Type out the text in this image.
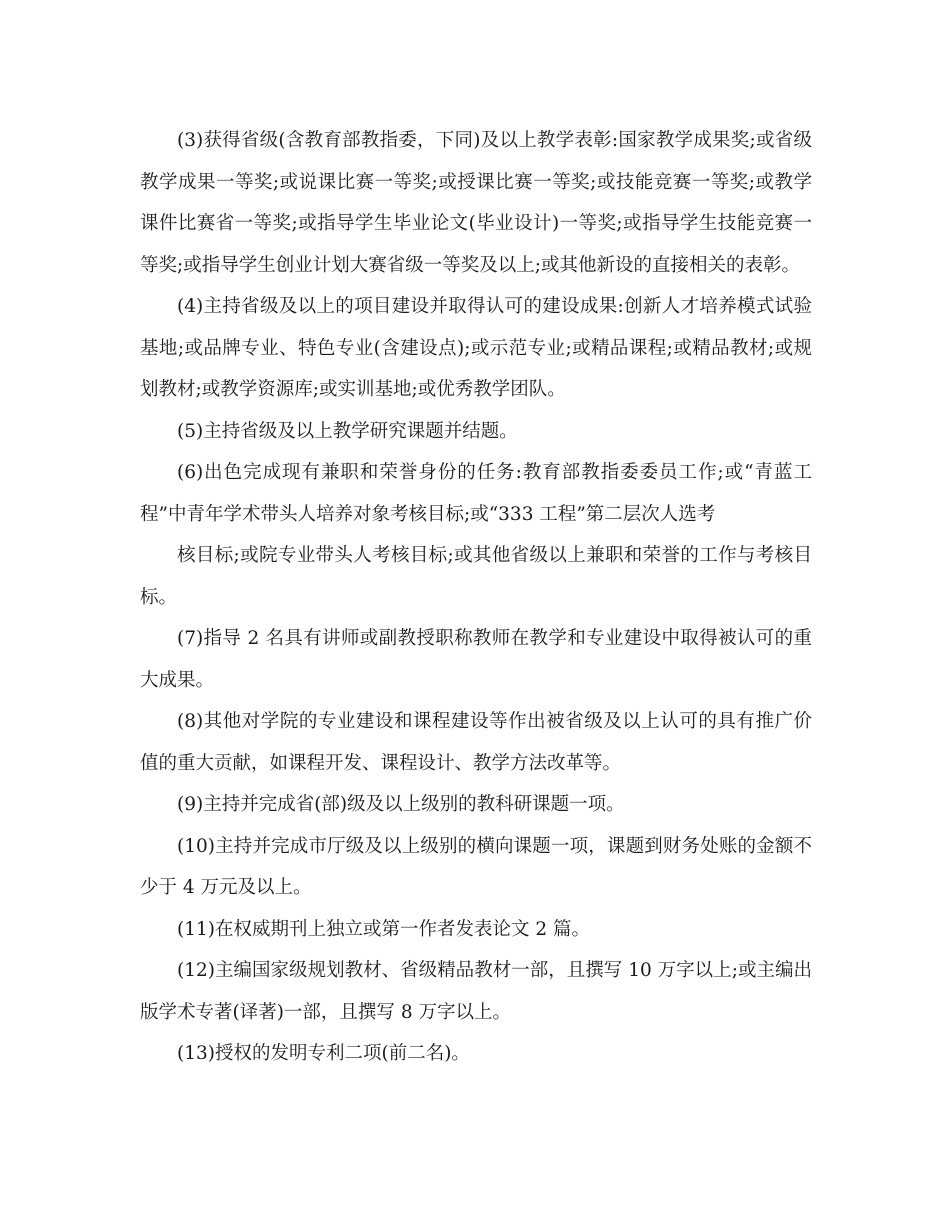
(3)获得省级(含教育部教指委，下同)及以上教学表彰:国家教学成果奖;或省级教学成果一等奖;或说课比赛一等奖;或授课比赛一等奖;或技能竞赛一等奖;或教学课件比赛省一等奖;或指导学生毕业论文(毕业设计)一等奖;或指导学生技能竞赛一等奖;或指导学生创业计划大赛省级一等奖及以上;或其他新设的直接相关的表彰。

(4)主持省级及以上的项目建设并取得认可的建设成果:创新人才培养模式试验基地;或品牌专业、特色专业(含建设点);或示范专业;或精品课程;或精品教材;或规划教材;或教学资源库;或实训基地;或优秀教学团队。

(5)主持省级及以上教学研究课题并结题。

(6)出色完成现有兼职和荣誉身份的任务:教育部教指委委员工作;或“青蓝工程”中青年学术带头人培养对象考核目标;或“333 工程”第二层次人选考

核目标;或院专业带头人考核目标;或其他省级以上兼职和荣誉的工作与考核目标。

(7)指导 2 名具有讲师或副教授职称教师在教学和专业建设中取得被认可的重大成果。

(8)其他对学院的专业建设和课程建设等作出被省级及以上认可的具有推广价值的重大贡献，如课程开发、课程设计、教学方法改革等。

(9)主持并完成省(部)级及以上级别的教科研课题一项。

(10)主持并完成市厅级及以上级别的横向课题一项，课题到财务处账的金额不少于 4 万元及以上。

(11)在权威期刊上独立或第一作者发表论文 2 篇。

(12)主编国家级规划教材、省级精品教材一部，且撰写 10 万字以上;或主编出版学术专著(译著)一部，且撰写 8 万字以上。

(13)授权的发明专利二项(前二名)。
